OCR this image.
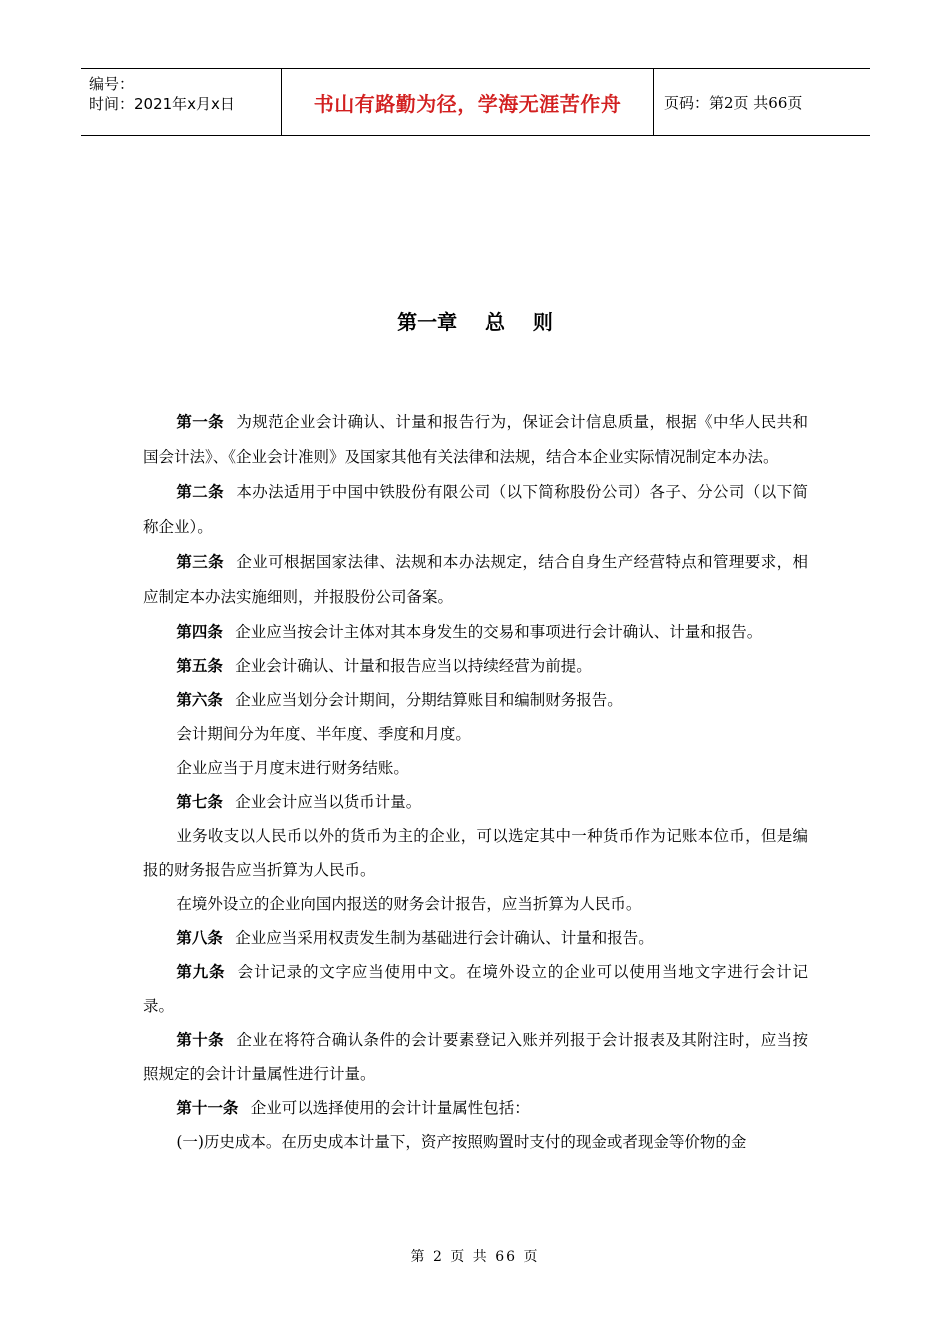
编号：
时间：2021年x月x日	书山有路勤为径，学海无涯苦作舟	页码：第2页 共66页
第一章    总    则

第一条 为规范企业会计确认、计量和报告行为，保证会计信息质量，根据《中华人民共和国会计法》、《企业会计准则》及国家其他有关法律和法规，结合本企业实际情况制定本办法。

第二条 本办法适用于中国中铁股份有限公司（以下简称股份公司）各子、分公司（以下简称企业）。

第三条 企业可根据国家法律、法规和本办法规定，结合自身生产经营特点和管理要求，相应制定本办法实施细则，并报股份公司备案。

第四条 企业应当按会计主体对其本身发生的交易和事项进行会计确认、计量和报告。

第五条 企业会计确认、计量和报告应当以持续经营为前提。

第六条 企业应当划分会计期间，分期结算账目和编制财务报告。

会计期间分为年度、半年度、季度和月度。

企业应当于月度末进行财务结账。

第七条 企业会计应当以货币计量。

业务收支以人民币以外的货币为主的企业，可以选定其中一种货币作为记账本位币，但是编报的财务报告应当折算为人民币。

在境外设立的企业向国内报送的财务会计报告，应当折算为人民币。

第八条 企业应当采用权责发生制为基础进行会计确认、计量和报告。

第九条 会计记录的文字应当使用中文。在境外设立的企业可以使用当地文字进行会计记录。

第十条 企业在将符合确认条件的会计要素登记入账并列报于会计报表及其附注时，应当按照规定的会计计量属性进行计量。

第十一条 企业可以选择使用的会计计量属性包括：

(一)历史成本。在历史成本计量下，资产按照购置时支付的现金或者现金等价物的金

第 2 页 共 66 页
